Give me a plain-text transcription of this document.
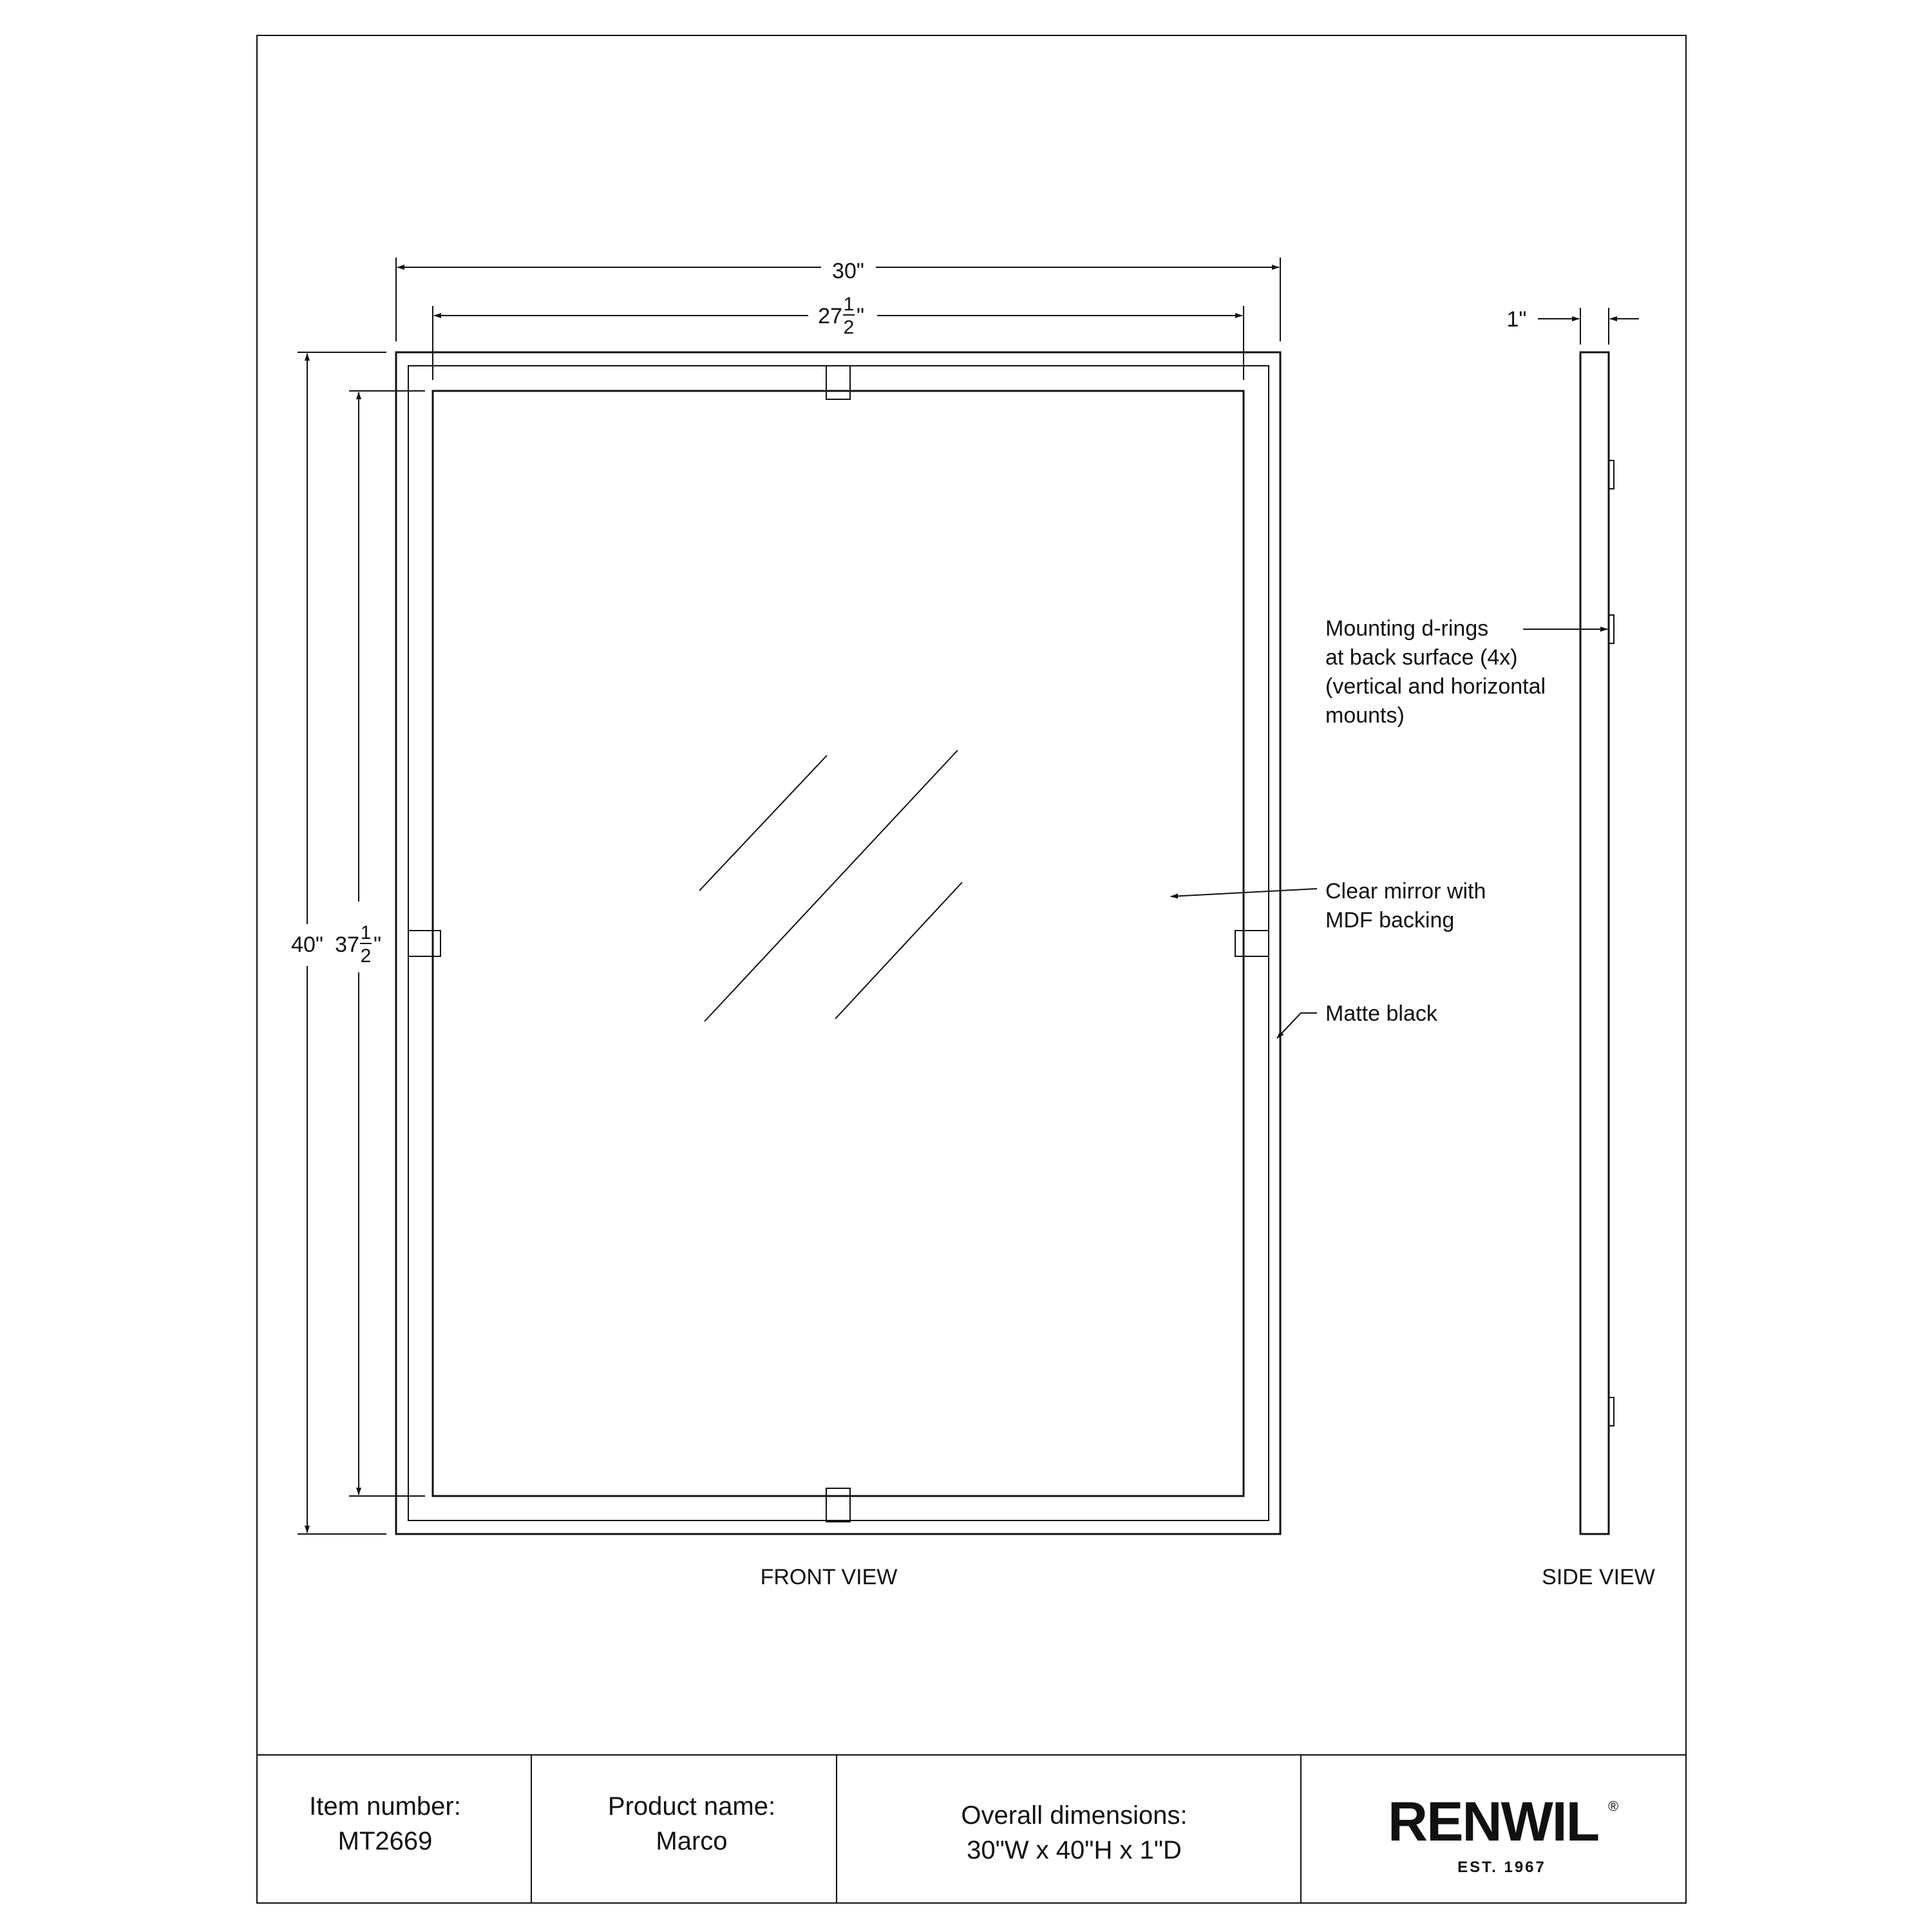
30"
27 1
2 "
40" 37 1
2 "
1"
Mounting d-rings
at back surface (4x)
(vertical and horizontal
mounts)
Clear mirror with
MDF backing
Matte black
FRONT VIEW	SIDE VIEW
Item number:
MT2669
Product name:
Marco
Overall dimensions:
30"W x 40"H x 1"D	RENWIL ®
EST. 1967
